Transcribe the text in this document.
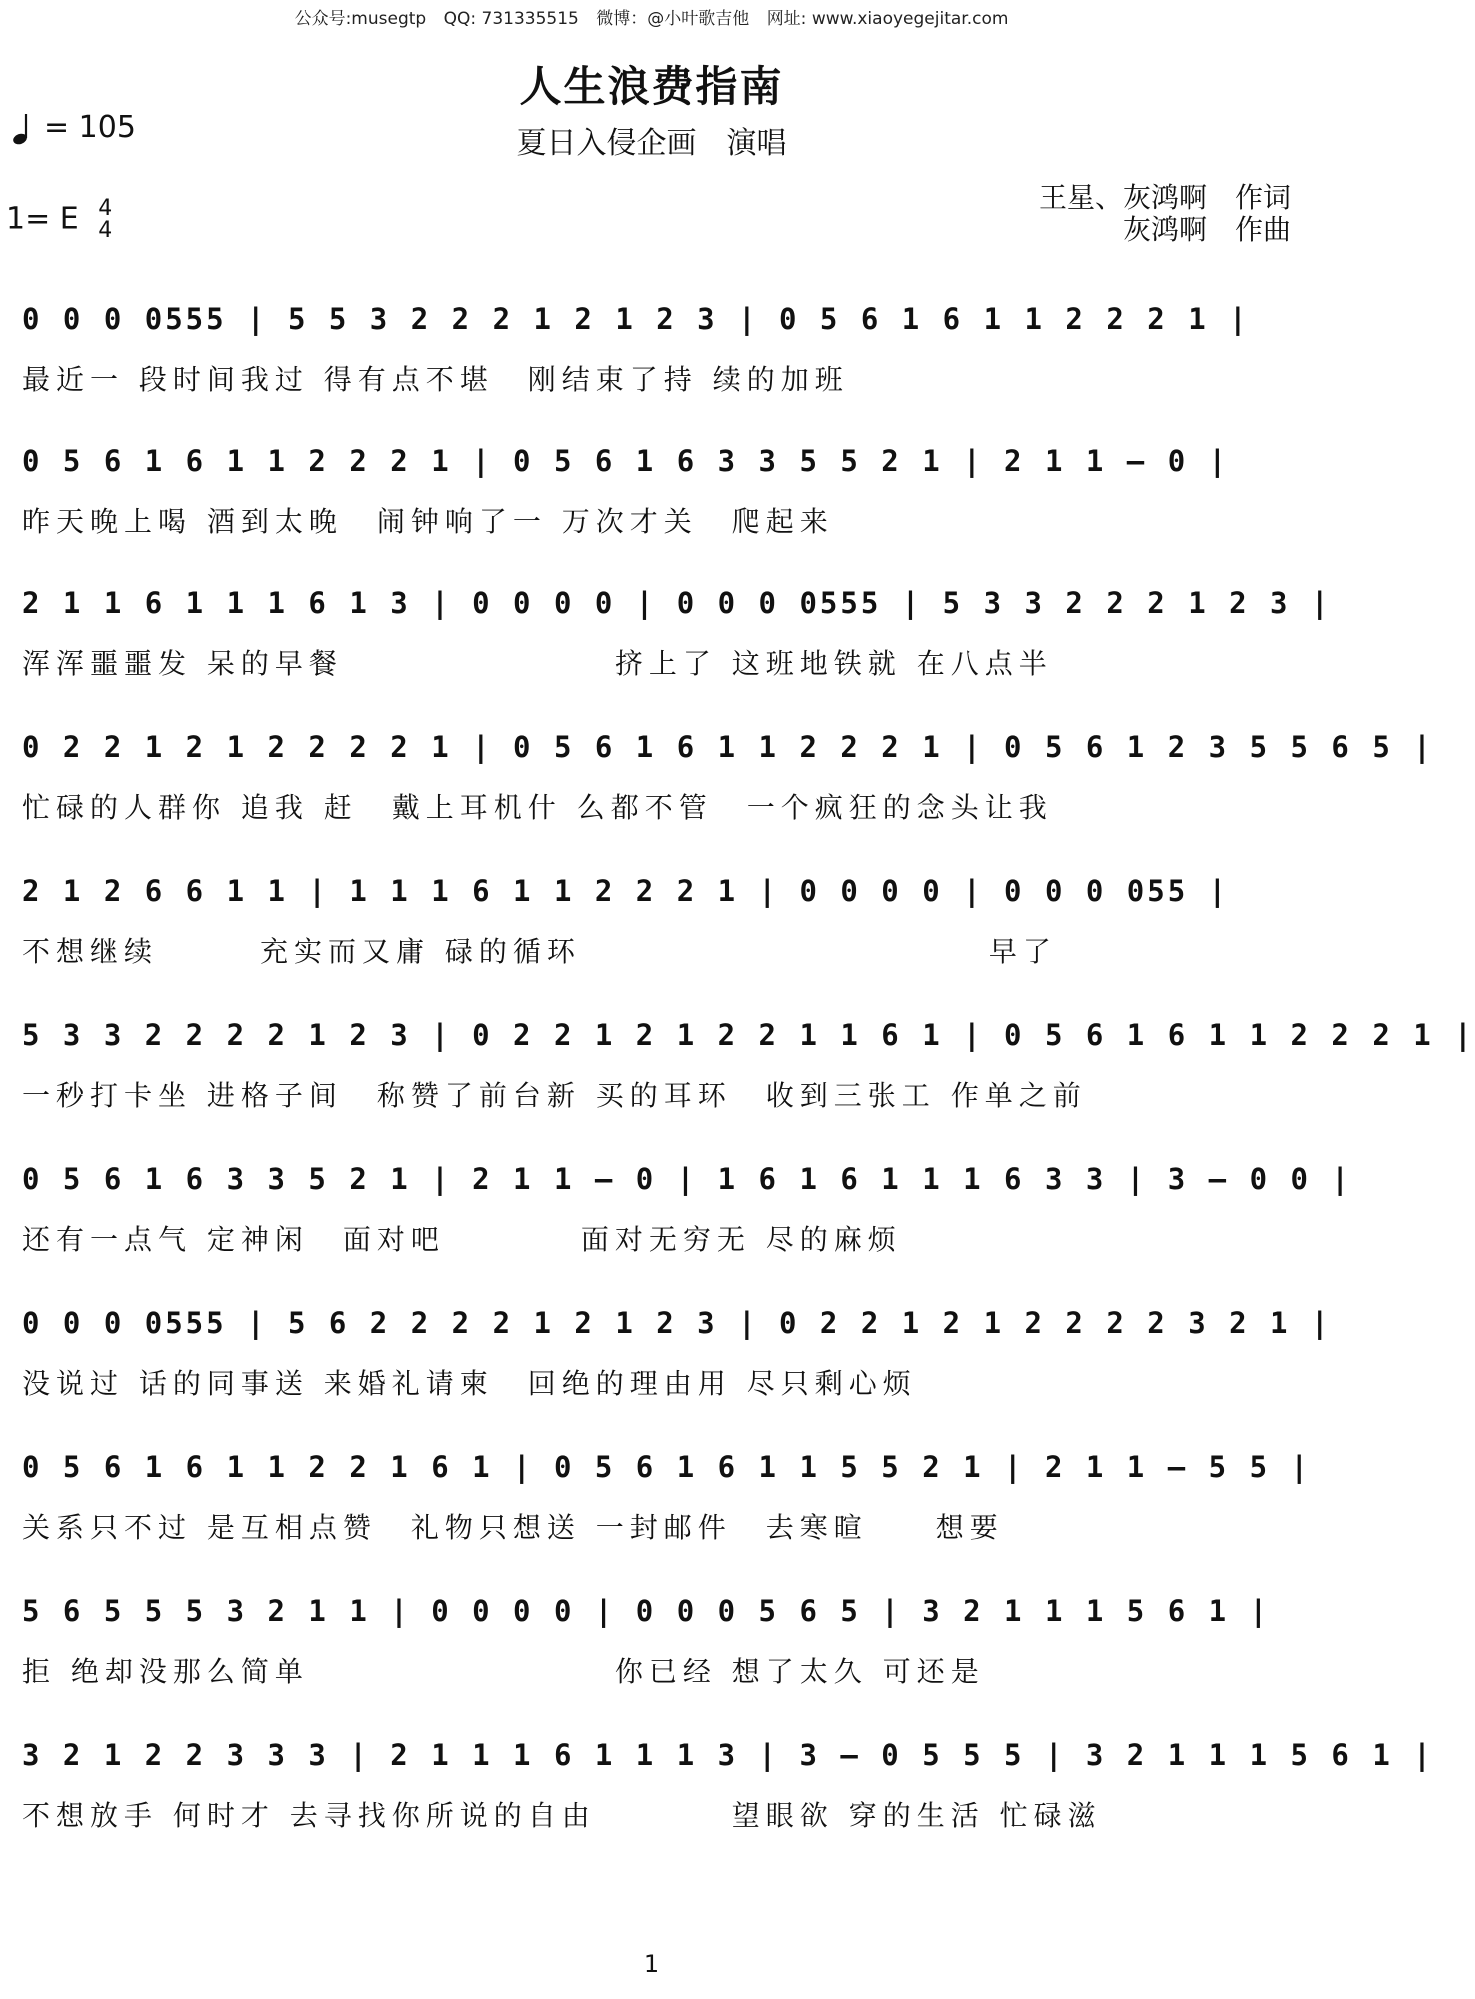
公众号:musegtp QQ: 731335515 微博：@小叶歌吉他 网址: www.xiaoyegejitar.com
人生浪费指南
夏日入侵企画　演唱
= 105
1= E 4
4
王星、灰鸿啊　作词
灰鸿啊　作曲
0 0 0 0555 | 5 5 3 2 2 2 1 2 1 2 3 | 0 5 6 1 6 1 1 2 2 2 1 |
最近一 段时间我过 得有点不堪　刚结束了持 续的加班
0 5 6 1 6 1 1 2 2 2 1 | 0 5 6 1 6 3 3 5 5 2 1 | 2 1 1 — 0 |
昨天晚上喝 酒到太晚　闹钟响了一 万次才关　爬起来
2 1 1 6 1 1 1 6 1 3 | 0 0 0 0 | 0 0 0 0555 | 5 3 3 2 2 2 1 2 3 |
浑浑噩噩发 呆的早餐　　　　　　　　挤上了 这班地铁就 在八点半
0 2 2 1 2 1 2 2 2 2 1 | 0 5 6 1 6 1 1 2 2 2 1 | 0 5 6 1 2 3 5 5 6 5 |
忙碌的人群你 追我 赶　戴上耳机什 么都不管　一个疯狂的念头让我
2 1 2 6 6 1 1 | 1 1 1 6 1 1 2 2 2 1 | 0 0 0 0 | 0 0 0 055 |
不想继续　　　充实而又庸 碌的循环　　　　　　　　　　　　早了
5 3 3 2 2 2 2 1 2 3 | 0 2 2 1 2 1 2 2 1 1 6 1 | 0 5 6 1 6 1 1 2 2 2 1 |
一秒打卡坐 进格子间　称赞了前台新 买的耳环　收到三张工 作单之前
0 5 6 1 6 3 3 5 2 1 | 2 1 1 — 0 | 1 6 1 6 1 1 1 6 3 3 | 3 — 0 0 |
还有一点气 定神闲　面对吧　　　　面对无穷无 尽的麻烦
0 0 0 0555 | 5 6 2 2 2 2 1 2 1 2 3 | 0 2 2 1 2 1 2 2 2 2 3 2 1 |
没说过 话的同事送 来婚礼请柬　回绝的理由用 尽只剩心烦
0 5 6 1 6 1 1 2 2 1 6 1 | 0 5 6 1 6 1 1 5 5 2 1 | 2 1 1 — 5 5 |
关系只不过 是互相点赞　礼物只想送 一封邮件　去寒暄　　想要
5 6 5 5 5 3 2 1 1 | 0 0 0 0 | 0 0 0 5 6 5 | 3 2 1 1 1 5 6 1 |
拒 绝却没那么简单　　　　　　　　　你已经 想了太久 可还是
3 2 1 2 2 3 3 3 | 2 1 1 1 6 1 1 1 3 | 3 — 0 5 5 5 | 3 2 1 1 1 5 6 1 |
不想放手 何时才 去寻找你所说的自由　　　　望眼欲 穿的生活 忙碌滋
1
